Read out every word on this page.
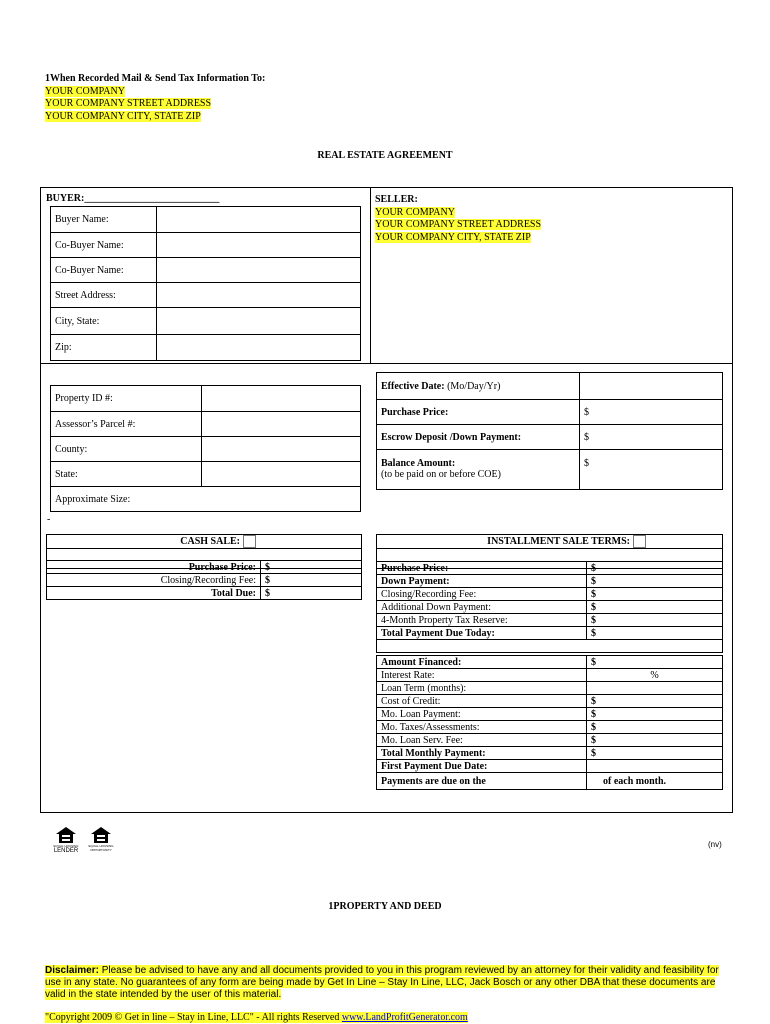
1When Recorded Mail & Send Tax Information To:
YOUR COMPANY
YOUR COMPANY STREET ADDRESS
YOUR COMPANY CITY, STATE ZIP
REAL ESTATE AGREEMENT
BUYER:___________________________
Buyer Name:	
Co-Buyer Name:	
Co-Buyer Name:	
Street Address:	
City, State:	
Zip:	
SELLER:
YOUR COMPANY
YOUR COMPANY STREET ADDRESS
YOUR COMPANY CITY, STATE ZIP
Property ID #:	
Assessor’s Parcel #:	
County:	
State:	
Approximate Size:	
-
Effective Date: (Mo/Day/Yr)	
Purchase Price:	$
Escrow Deposit /Down Payment:	$

Balance Amount:
(to be paid on or before COE)	$
CASH SALE:

Purchase Price:	$
Closing/Recording Fee:	$
Total Due:	$
INSTALLMENT SALE TERMS:

Purchase Price:	$
Down Payment:	$
Closing/Recording Fee:	$
Additional Down Payment:	$
4-Month Property Tax Reserve:	$
Total Payment Due Today:	$

Amount Financed:	$
Interest Rate:	%
Loan Term (months):	
Cost of Credit:	$
Mo. Loan Payment:	$
Mo. Taxes/Assessments:	$
Mo. Loan Serv. Fee:	$
Total Monthly Payment:	$
First Payment Due Date:	
Payments are due on the	of each month.
EQUAL HOUSING
LENDER
EQUAL HOUSING OPPORTUNITY
(nv)
1PROPERTY AND DEED
Disclaimer: Please be advised to have any and all documents provided to you in this program reviewed by an attorney for their validity and feasibility for use in any state. No guarantees of any form are being made by Get In Line – Stay In Line, LLC, Jack Bosch or any other DBA that these documents are valid in the state intended by the user of this material.
"Copyright 2009 © Get in line – Stay in Line, LLC" - All rights Reserved www.LandProfitGenerator.com
